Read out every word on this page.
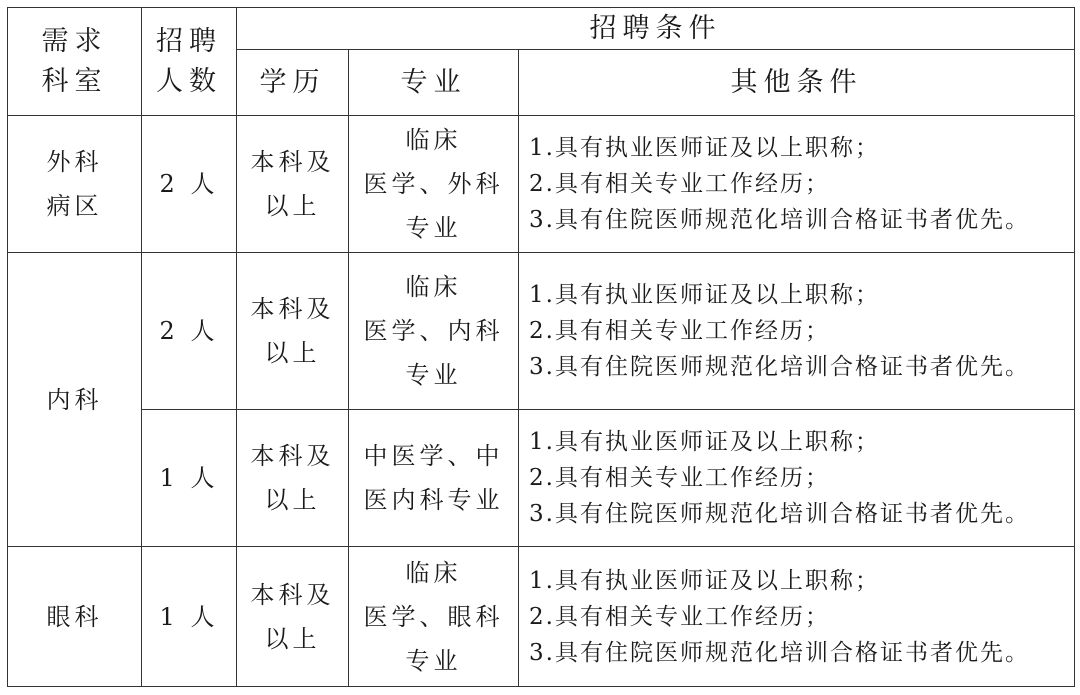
需求
科室	招聘
人数	招聘条件		
		学历	专业	其他条件

外科
病区	2 人	本科及
以上	临床
医学、外科
专业	1.具有执业医师证及以上职称；
2.具有相关专业工作经历；
3.具有住院医师规范化培训合格证书者优先。

内科	2 人	本科及
以上	临床
医学、内科
专业	1.具有执业医师证及以上职称；
2.具有相关专业工作经历；
3.具有住院医师规范化培训合格证书者优先。

	1 人	本科及
以上	中医学、中
医内科专业	1.具有执业医师证及以上职称；
2.具有相关专业工作经历；
3.具有住院医师规范化培训合格证书者优先。

眼科	1 人	本科及
以上	临床
医学、眼科
专业	1.具有执业医师证及以上职称；
2.具有相关专业工作经历；
3.具有住院医师规范化培训合格证书者优先。
